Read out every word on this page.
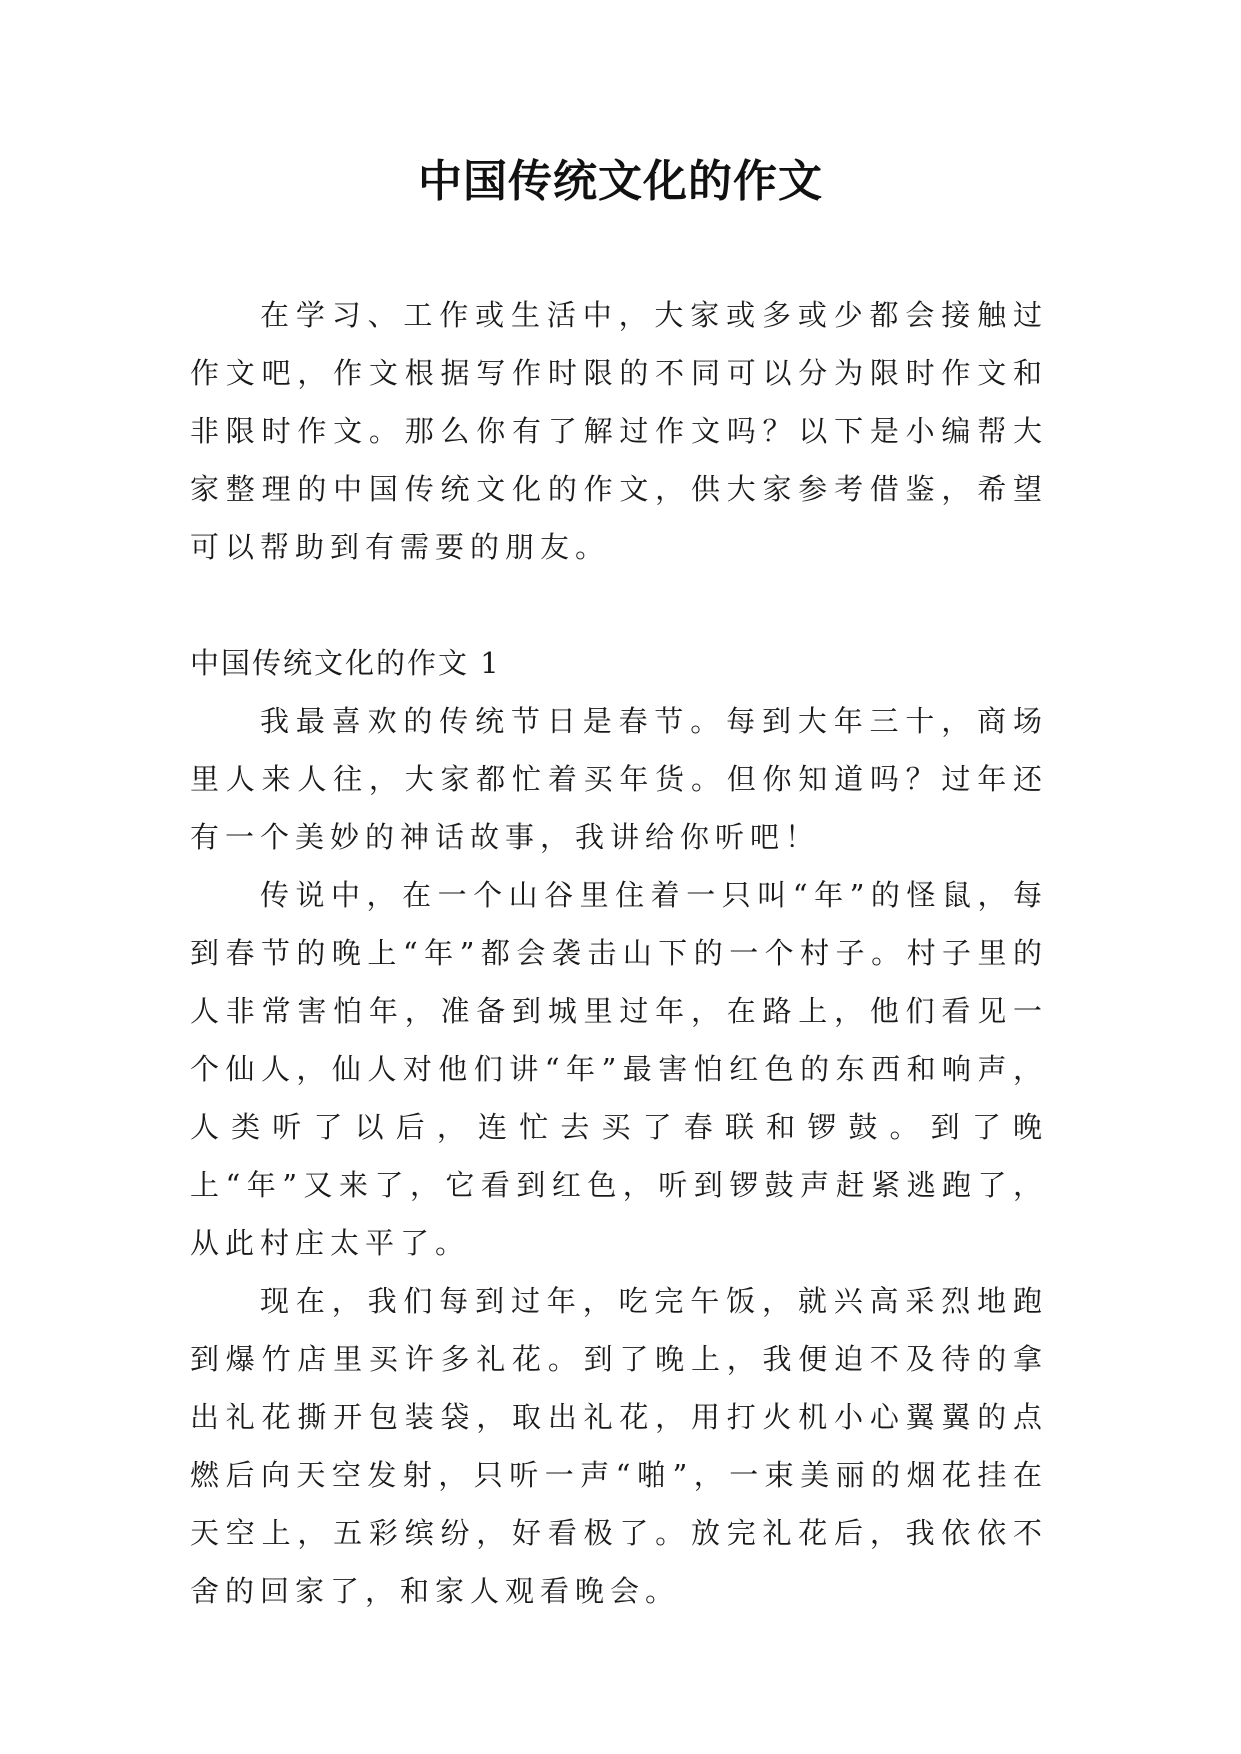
中国传统文化的作文

在学习、工作或生活中，大家或多或少都会接触过作文吧，作文根据写作时限的不同可以分为限时作文和非限时作文。那么你有了解过作文吗？以下是小编帮大家整理的中国传统文化的作文，供大家参考借鉴，希望可以帮助到有需要的朋友。

中国传统文化的作文 1

我最喜欢的传统节日是春节。每到大年三十，商场里人来人往，大家都忙着买年货。但你知道吗？过年还有一个美妙的神话故事，我讲给你听吧！

传说中，在一个山谷里住着一只叫“年”的怪鼠，每到春节的晚上“年”都会袭击山下的一个村子。村子里的人非常害怕年，准备到城里过年，在路上，他们看见一个仙人，仙人对他们讲“年”最害怕红色的东西和响声，人类听了以后，连忙去买了春联和锣鼓。到了晚上“年”又来了，它看到红色，听到锣鼓声赶紧逃跑了，从此村庄太平了。

现在，我们每到过年，吃完午饭，就兴高采烈地跑到爆竹店里买许多礼花。到了晚上，我便迫不及待的拿出礼花撕开包装袋，取出礼花，用打火机小心翼翼的点燃后向天空发射，只听一声“啪”，一束美丽的烟花挂在天空上，五彩缤纷，好看极了。放完礼花后，我依依不舍的回家了，和家人观看晚会。
